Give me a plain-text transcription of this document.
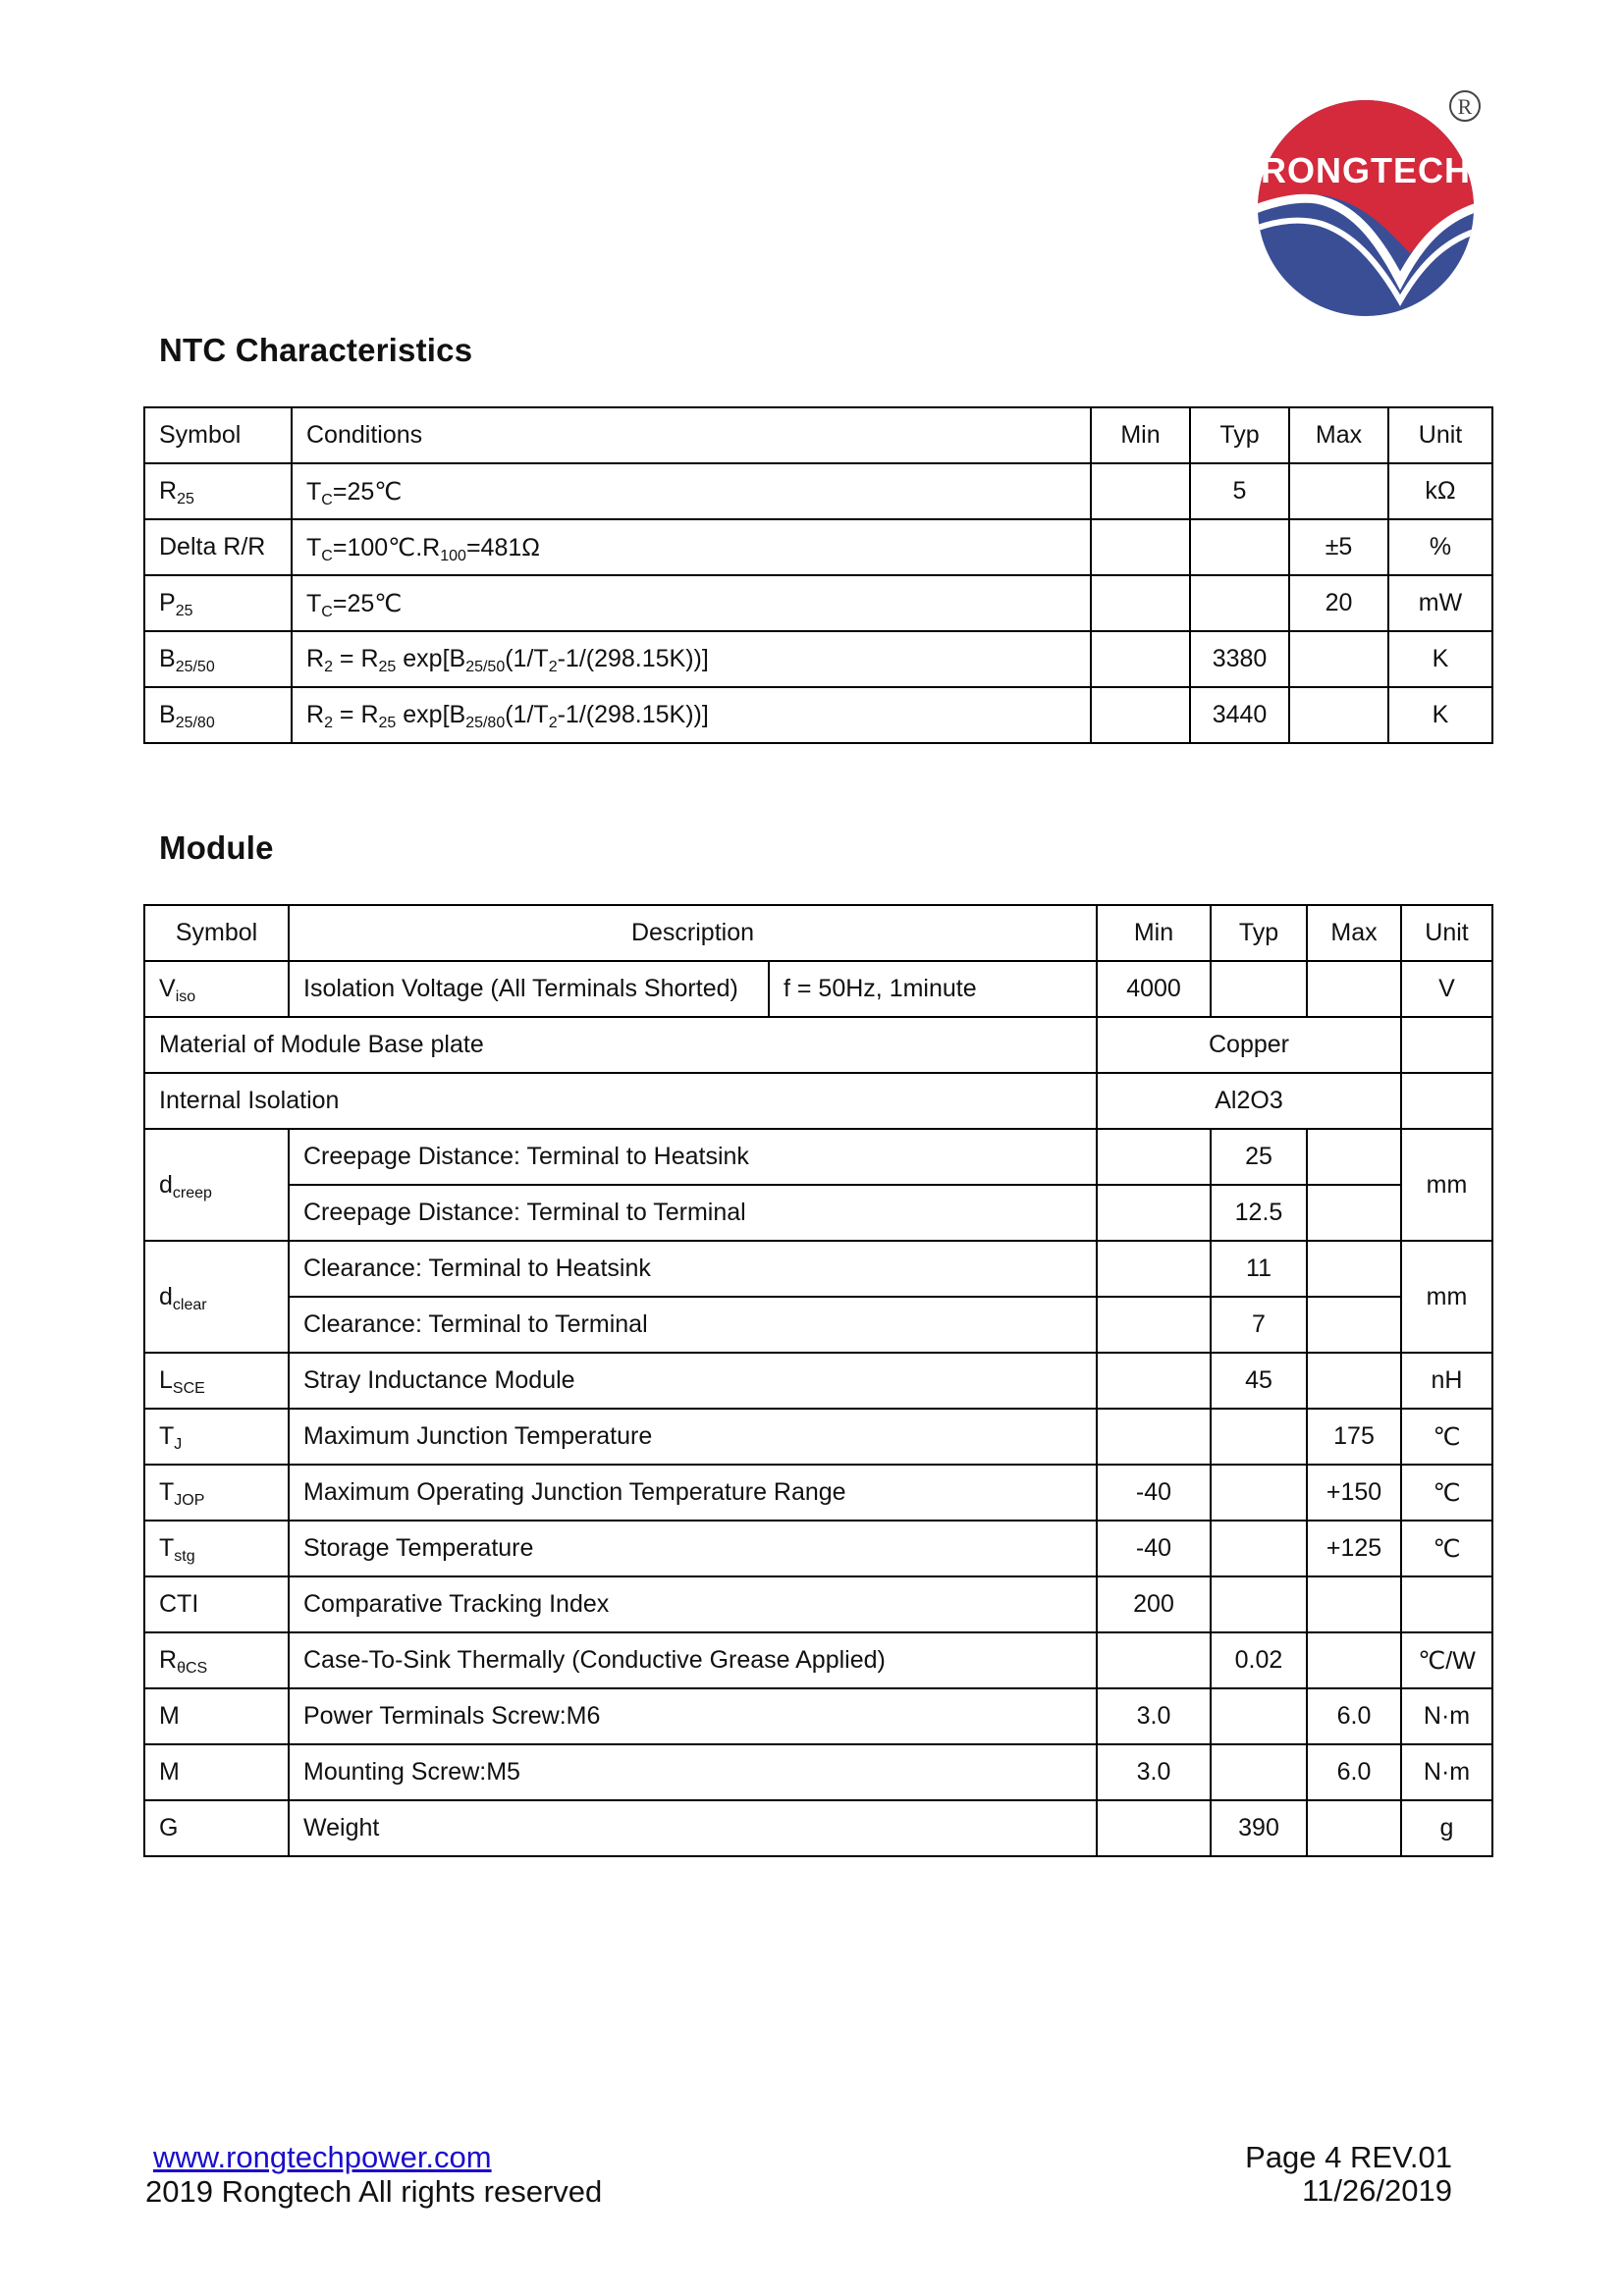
RONGTECH
R
NTC Characteristics
Symbol	Conditions	Min	Typ	Max	Unit
$R_{25}$	$T_C=25℃$		5		kΩ
Delta R/R	$T_C=100℃.R_{100}=481\Omega$			±5	%
$P_{25}$	$T_C=25℃$			20	mW
$B_{25/50}$	$R_2 = R_{25}$ $\exp[B_{25/50}(1/T_2-1/(298.15K))]$		3380		K
$B_{25/80}$	$R_2 = R_{25}$ $\exp[B_{25/80}(1/T_2-1/(298.15K))]$		3440		K
Module
Symbol	Description		Min	Typ	Max	Unit
$V_{iso}$	Isolation Voltage (All Terminals Shorted)	f = 50Hz, 1minute	4000			V
Material of Module Base plate			Copper			
Internal Isolation			Al2O3			
$d_{creep}$	Creepage Distance: Terminal to Heatsink			25		mm
	Creepage Distance: Terminal to Terminal			12.5		
$d_{clear}$	Clearance: Terminal to Heatsink			11		mm
	Clearance: Terminal to Terminal			7		
$L_{SCE}$	Stray Inductance Module			45		nH
$T_J$	Maximum Junction Temperature				175	℃
$T_{JOP}$	Maximum Operating Junction Temperature Range		-40		+150	℃
$T_{stg}$	Storage Temperature		-40		+125	℃
CTI	Comparative Tracking Index		200			
$R_{\theta CS}$	Case-To-Sink Thermally (Conductive Grease Applied)			0.02		℃/W
M	Power Terminals Screw:M6		3.0		6.0	N·m
M	Mounting Screw:M5		3.0		6.0	N·m
G	Weight			390		g
www.rongtechpower.com
2019 Rongtech All rights reserved
Page 4 REV.01
11/26/2019
